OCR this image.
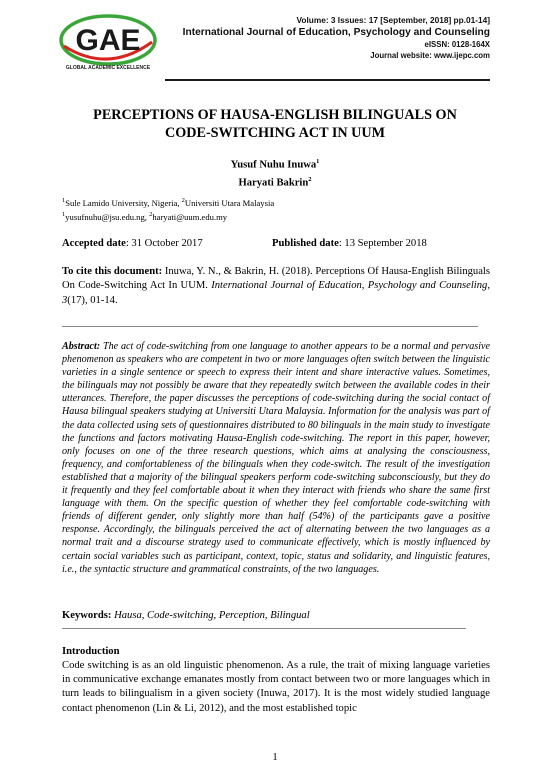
GAE
GLOBAL ACADEMIC EXCELLENCE
Volume: 3 Issues: 17 [September, 2018] pp.01-14]
International Journal of Education, Psychology and Counseling
eISSN: 0128-164X
Journal website: www.ijepc.com
PERCEPTIONS OF HAUSA-ENGLISH BILINGUALS ON
CODE-SWITCHING ACT IN UUM
Yusuf Nuhu Inuwa$^1$
Haryati Bakrin$^2$
$^1$Sule Lamido University, Nigeria, $^2$Universiti Utara Malaysia
$^1$yusufnuhu@jsu.edu.ng, $^2$haryati@uum.edu.my
Accepted date: 31 October 2017	Published date: 13 September 2018
To cite this document: Inuwa, Y. N., & Bakrin, H. (2018). Perceptions Of Hausa-English Bilinguals On Code-Switching Act In UUM. International Journal of Education, Psychology and Counseling, 3(17), 01-14.
Abstract: The act of code-switching from one language to another appears to be a normal and pervasive phenomenon as speakers who are competent in two or more languages often switch between the linguistic varieties in a single sentence or speech to express their intent and share interactive values. Sometimes, the bilinguals may not possibly be aware that they repeatedly switch between the available codes in their utterances. Therefore, the paper discusses the perceptions of code-switching during the social contact of Hausa bilingual speakers studying at Universiti Utara Malaysia. Information for the analysis was part of the data collected using sets of questionnaires distributed to 80 bilinguals in the main study to investigate the functions and factors motivating Hausa-English code-switching. The report in this paper, however, only focuses on one of the three research questions, which aims at analysing the consciousness, frequency, and comfortableness of the bilinguals when they code-switch. The result of the investigation established that a majority of the bilingual speakers perform code-switching subconsciously, but they do it frequently and they feel comfortable about it when they interact with friends who share the same first language with them. On the specific question of whether they feel comfortable code-switching with friends of different gender, only slightly more than half (54%) of the participants gave a positive response. Accordingly, the bilinguals perceived the act of alternating between the two languages as a normal trait and a discourse strategy used to communicate effectively, which is mostly influenced by certain social variables such as participant, context, topic, status and solidarity, and linguistic features, i.e., the syntactic structure and grammatical constraints, of the two languages.
Keywords: Hausa, Code-switching, Perception, Bilingual
Introduction
Code switching is as an old linguistic phenomenon. As a rule, the trait of mixing language varieties in communicative exchange emanates mostly from contact between two or more languages which in turn leads to bilingualism in a given society (Inuwa, 2017). It is the most widely studied language contact phenomenon (Lin & Li, 2012), and the most established topic
1
